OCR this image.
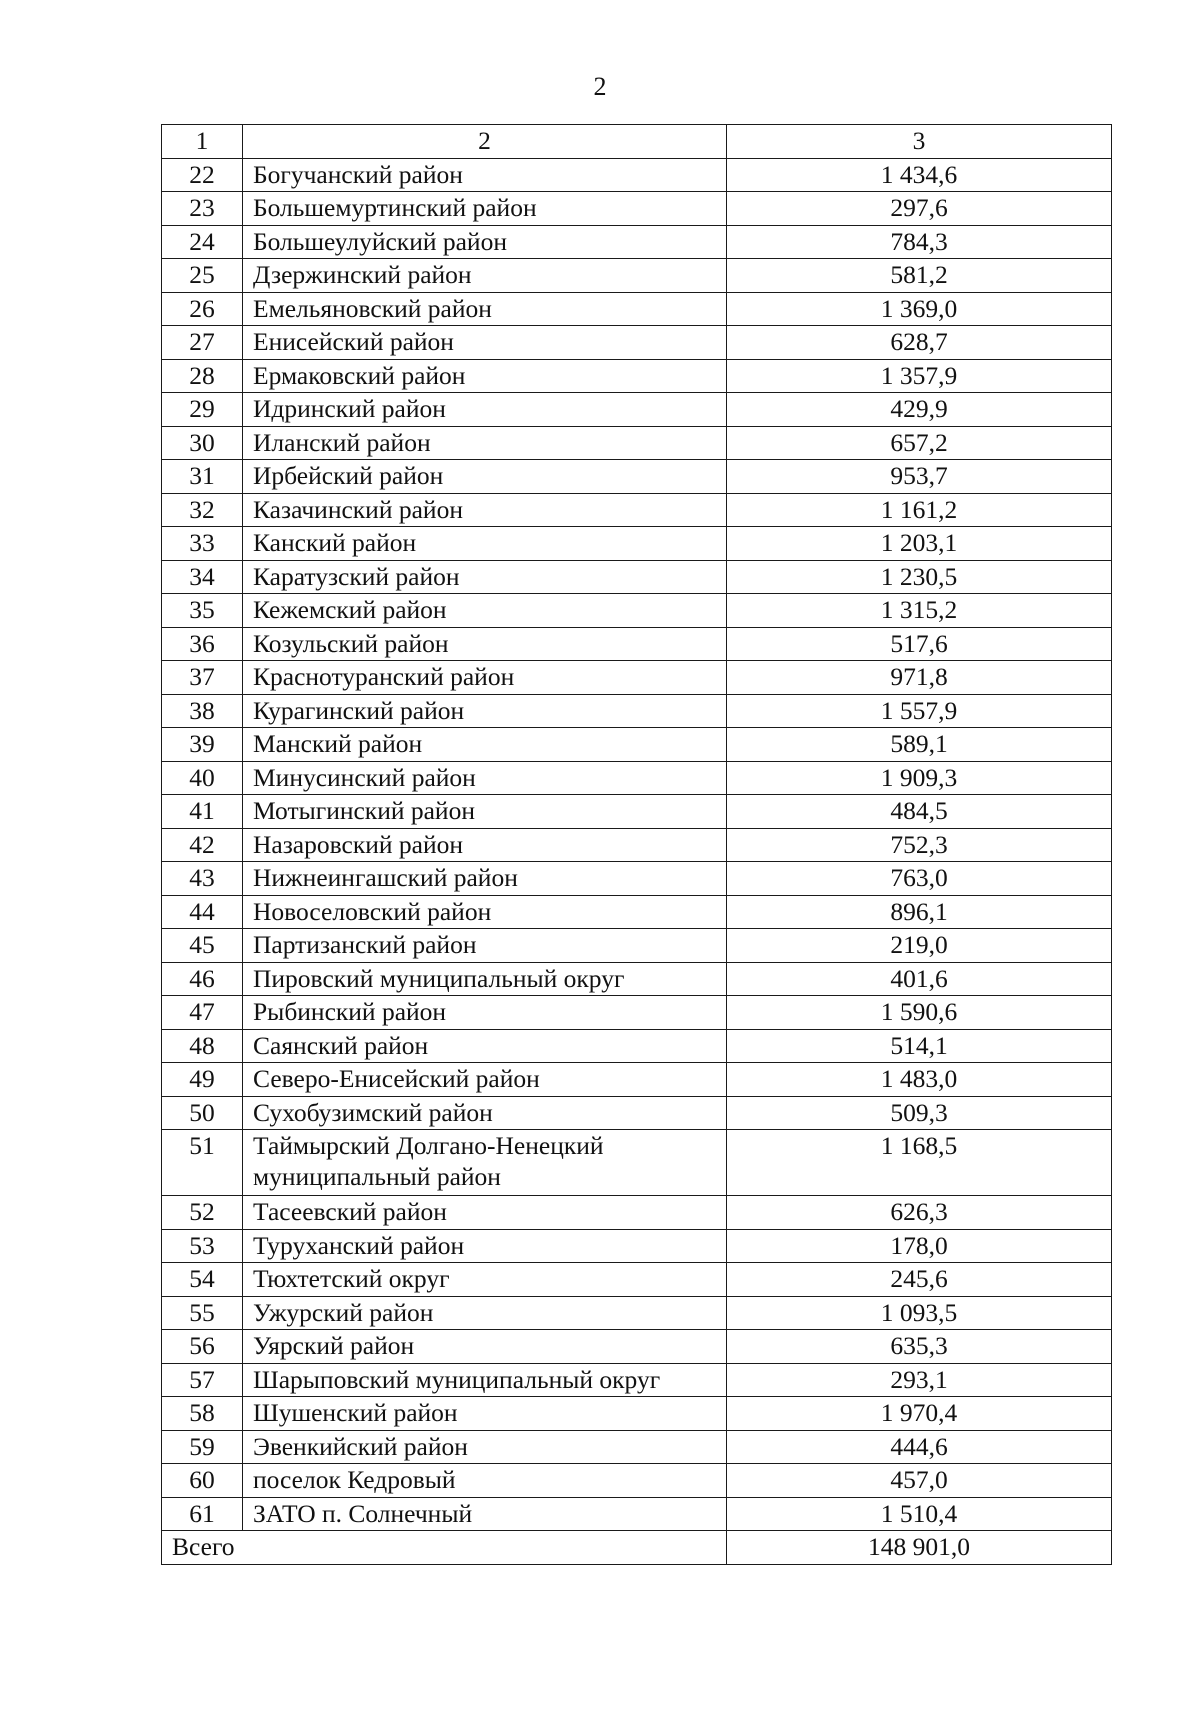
2
1	2	3
22	Богучанский район	1 434,6
23	Большемуртинский район	297,6
24	Большеулуйский район	784,3
25	Дзержинский район	581,2
26	Емельяновский район	1 369,0
27	Енисейский район	628,7
28	Ермаковский район	1 357,9
29	Идринский район	429,9
30	Иланский район	657,2
31	Ирбейский район	953,7
32	Казачинский район	1 161,2
33	Канский район	1 203,1
34	Каратузский район	1 230,5
35	Кежемский район	1 315,2
36	Козульский район	517,6
37	Краснотуранский район	971,8
38	Курагинский район	1 557,9
39	Манский район	589,1
40	Минусинский район	1 909,3
41	Мотыгинский район	484,5
42	Назаровский район	752,3
43	Нижнеингашский район	763,0
44	Новоселовский район	896,1
45	Партизанский район	219,0
46	Пировский муниципальный округ	401,6
47	Рыбинский район	1 590,6
48	Саянский район	514,1
49	Северо-Енисейский район	1 483,0
50	Сухобузимский район	509,3
51	Таймырский Долгано-Ненецкий муниципальный район	1 168,5
52	Тасеевский район	626,3
53	Туруханский район	178,0
54	Тюхтетский округ	245,6
55	Ужурский район	1 093,5
56	Уярский район	635,3
57	Шарыповский муниципальный округ	293,1
58	Шушенский район	1 970,4
59	Эвенкийский район	444,6
60	поселок Кедровый	457,0
61	ЗАТО п. Солнечный	1 510,4
Всего		148 901,0
